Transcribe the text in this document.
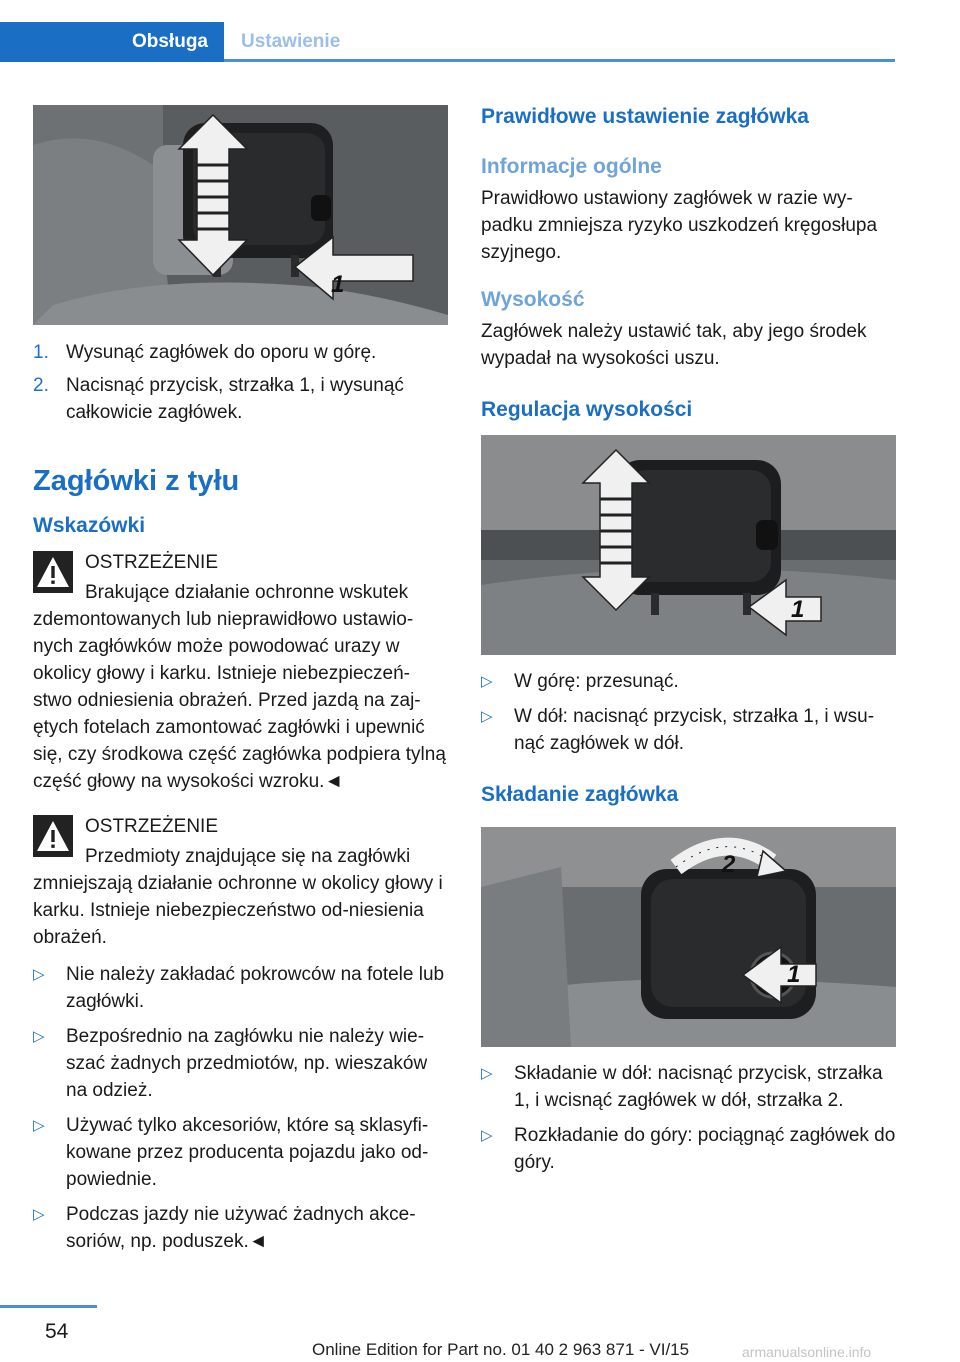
Obsługa	Ustawienie
1
1. Wysunąć zagłówek do oporu w górę.
2. Nacisnąć przycisk, strzałka 1, i wysunąć całkowicie zagłówek.
Zagłówki z tyłu
Wskazówki
OSTRZEŻENIE
Brakujące działanie ochronne wskutek
zdemontowanych lub nieprawidłowo ustawio-nych zagłówków może powodować urazy w okolicy głowy i karku. Istnieje niebezpieczeń-stwo odniesienia obrażeń. Przed jazdą na zaj-ętych fotelach zamontować zagłówki i upewnić się, czy środkowa część zagłówka podpiera tylną część głowy na wysokości wzroku.◄
OSTRZEŻENIE
Przedmioty znajdujące się na zagłówki
zmniejszają działanie ochronne w okolicy głowy i karku. Istnieje niebezpieczeństwo od-niesienia obrażeń.
▷ Nie należy zakładać pokrowców na fotele lub zagłówki.
▷ Bezpośrednio na zagłówku nie należy wie-szać żadnych przedmiotów, np. wieszaków na odzież.
▷ Używać tylko akcesoriów, które są sklasyfi-kowane przez producenta pojazdu jako od-powiednie.
▷ Podczas jazdy nie używać żadnych akce-soriów, np. poduszek.◄
Prawidłowe ustawienie zagłówka
Informacje ogólne
Prawidłowo ustawiony zagłówek w razie wy-padku zmniejsza ryzyko uszkodzeń kręgosłupa szyjnego.
Wysokość
Zagłówek należy ustawić tak, aby jego środek wypadał na wysokości uszu.
Regulacja wysokości
1
▷ W górę: przesunąć.
▷ W dół: nacisnąć przycisk, strzałka 1, i wsu-nąć zagłówek w dół.
Składanie zagłówka
2
1
▷ Składanie w dół: nacisnąć przycisk, strzałka 1, i wcisnąć zagłówek w dół, strzałka 2.
▷ Rozkładanie do góry: pociągnąć zagłówek do góry.
54
Online Edition for Part no. 01 40 2 963 871 - VI/15	armanualsonline.info
